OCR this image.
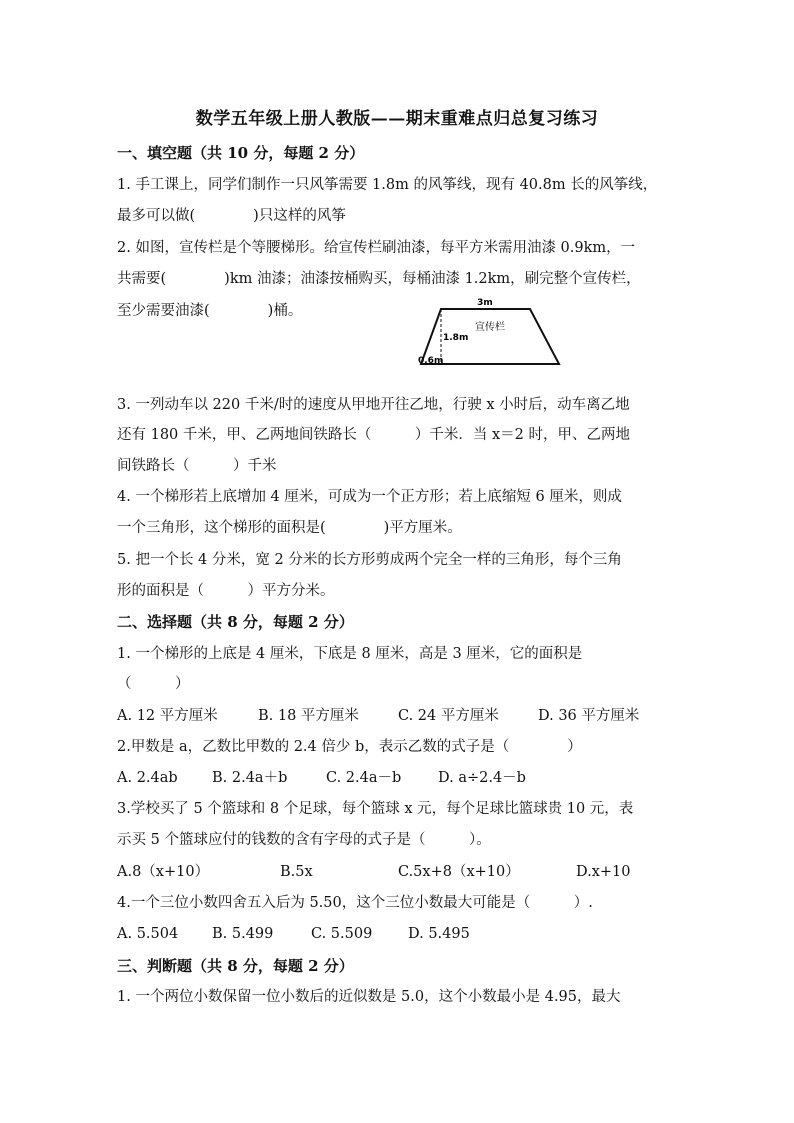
数学五年级上册人教版——期末重难点归总复习练习
一、填空题（共 10 分，每题 2 分）
1. 手工课上，同学们制作一只风筝需要 1.8m 的风筝线，现有 40.8m 长的风筝线，
最多可以做(　　　　)只这样的风筝
2. 如图，宣传栏是个等腰梯形。给宣传栏刷油漆，每平方米需用油漆 0.9km，一
共需要(　　　　)km 油漆；油漆按桶购买，每桶油漆 1.2km，刷完整个宣传栏，
至少需要油漆(　　　　)桶。	3m
1.8m
宣传栏
0.6m
3. 一列动车以 220 千米/时的速度从甲地开往乙地，行驶 x 小时后，动车离乙地
还有 180 千米，甲、乙两地间铁路长（　　　）千米．当 x＝2 时，甲、乙两地
间铁路长（　　　）千米
4. 一个梯形若上底增加 4 厘米，可成为一个正方形；若上底缩短 6 厘米，则成
一个三角形，这个梯形的面积是(　　　　)平方厘米。
5. 把一个长 4 分米，宽 2 分米的长方形剪成两个完全一样的三角形，每个三角
形的面积是（　　　）平方分米。
二、选择题（共 8 分，每题 2 分）
1. 一个梯形的上底是 4 厘米，下底是 8 厘米，高是 3 厘米，它的面积是
（　　　）
A. 12 平方厘米	B. 18 平方厘米	C. 24 平方厘米	D. 36 平方厘米
2.甲数是 a，乙数比甲数的 2.4 倍少 b，表示乙数的式子是（　　　　）
A. 2.4ab B. 2.4a＋b	C. 2.4a－b	D. a÷2.4－b
3.学校买了 5 个篮球和 8 个足球，每个篮球 x 元，每个足球比篮球贵 10 元，表
示买 5 个篮球应付的钱数的含有字母的式子是（　　　）。
A.8（x+10）	B.5x	C.5x+8（x+10）	D.x+10
4.一个三位小数四舍五入后为 5.50，这个三位小数最大可能是（　　　）.
A. 5.504 B. 5.499	C. 5.509 D. 5.495
三、判断题（共 8 分，每题 2 分）
1. 一个两位小数保留一位小数后的近似数是 5.0，这个小数最小是 4.95，最大
